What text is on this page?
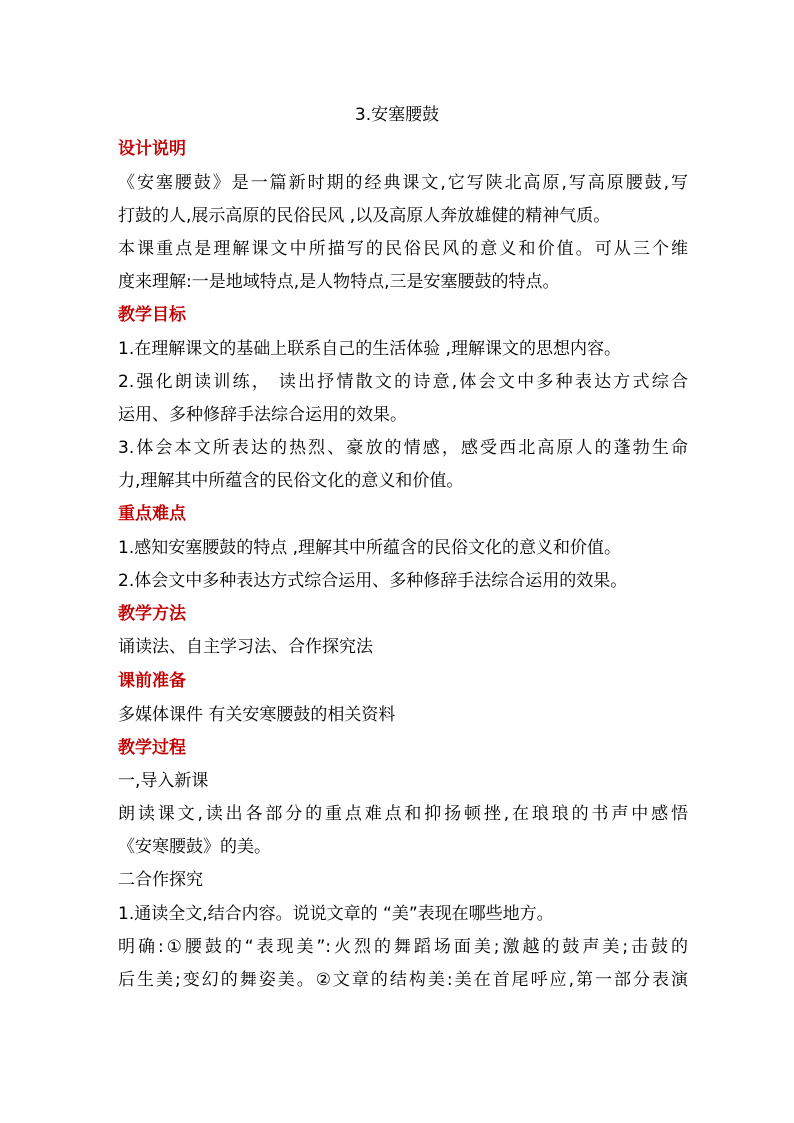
3.安塞腰鼓
设计说明
《安塞腰鼓》是一篇新时期的经典课文,它写陕北高原,写高原腰鼓,写
打鼓的人,展示高原的民俗民风 ,以及高原人奔放雄健的精神气质。
本课重点是理解课文中所描写的民俗民风的意义和价值。可从三个维
度来理解:一是地域特点,是人物特点,三是安塞腰鼓的特点。
教学目标
1.在理解课文的基础上联系自己的生活体验 ,理解课文的思想内容。
2.强化朗读训练， 读出抒情散文的诗意,体会文中多种表达方式综合
运用、多种修辞手法综合运用的效果。
3.体会本文所表达的热烈、豪放的情感，感受西北高原人的蓬勃生命
力,理解其中所蕴含的民俗文化的意义和价值。
重点难点
1.感知安塞腰鼓的特点 ,理解其中所蕴含的民俗文化的意义和价值。
2.体会文中多种表达方式综合运用、多种修辞手法综合运用的效果。
教学方法
诵读法、自主学习法、合作探究法
课前准备
多媒体课件 有关安寒腰鼓的相关资料
教学过程
一,导入新课
朗读课文,读出各部分的重点难点和抑扬顿挫,在琅琅的书声中感悟
《安寒腰鼓》的美。
二合作探究
1.通读全文,结合内容。说说文章的 “美”表现在哪些地方。
明确:①腰鼓的“表现美”:火烈的舞蹈场面美;激越的鼓声美;击鼓的
后生美;变幻的舞姿美。②文章的结构美:美在首尾呼应,第一部分表演
